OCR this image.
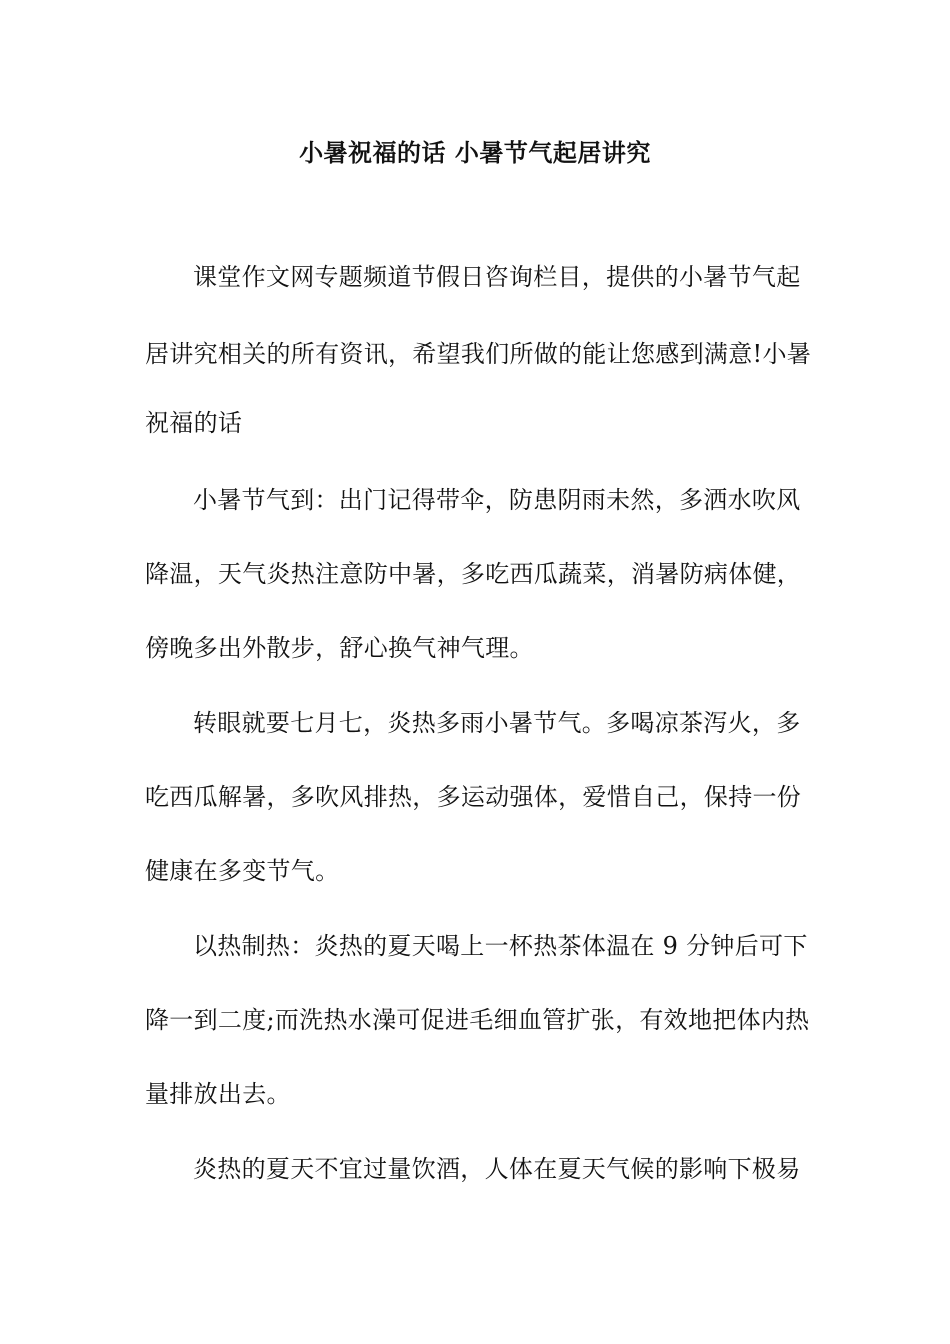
小暑祝福的话 小暑节气起居讲究
课堂作文网专题频道节假日咨询栏目，提供的小暑节气起
居讲究相关的所有资讯，希望我们所做的能让您感到满意!小暑
祝福的话
小暑节气到：出门记得带伞，防患阴雨未然，多洒水吹风
降温，天气炎热注意防中暑，多吃西瓜蔬菜，消暑防病体健，
傍晚多出外散步，舒心换气神气理。
转眼就要七月七，炎热多雨小暑节气。多喝凉茶泻火，多
吃西瓜解暑，多吹风排热，多运动强体，爱惜自己，保持一份
健康在多变节气。
以热制热：炎热的夏天喝上一杯热茶体温在 9 分钟后可下
降一到二度;而洗热水澡可促进毛细血管扩张，有效地把体内热
量排放出去。
炎热的夏天不宜过量饮酒，人体在夏天气候的影响下极易
